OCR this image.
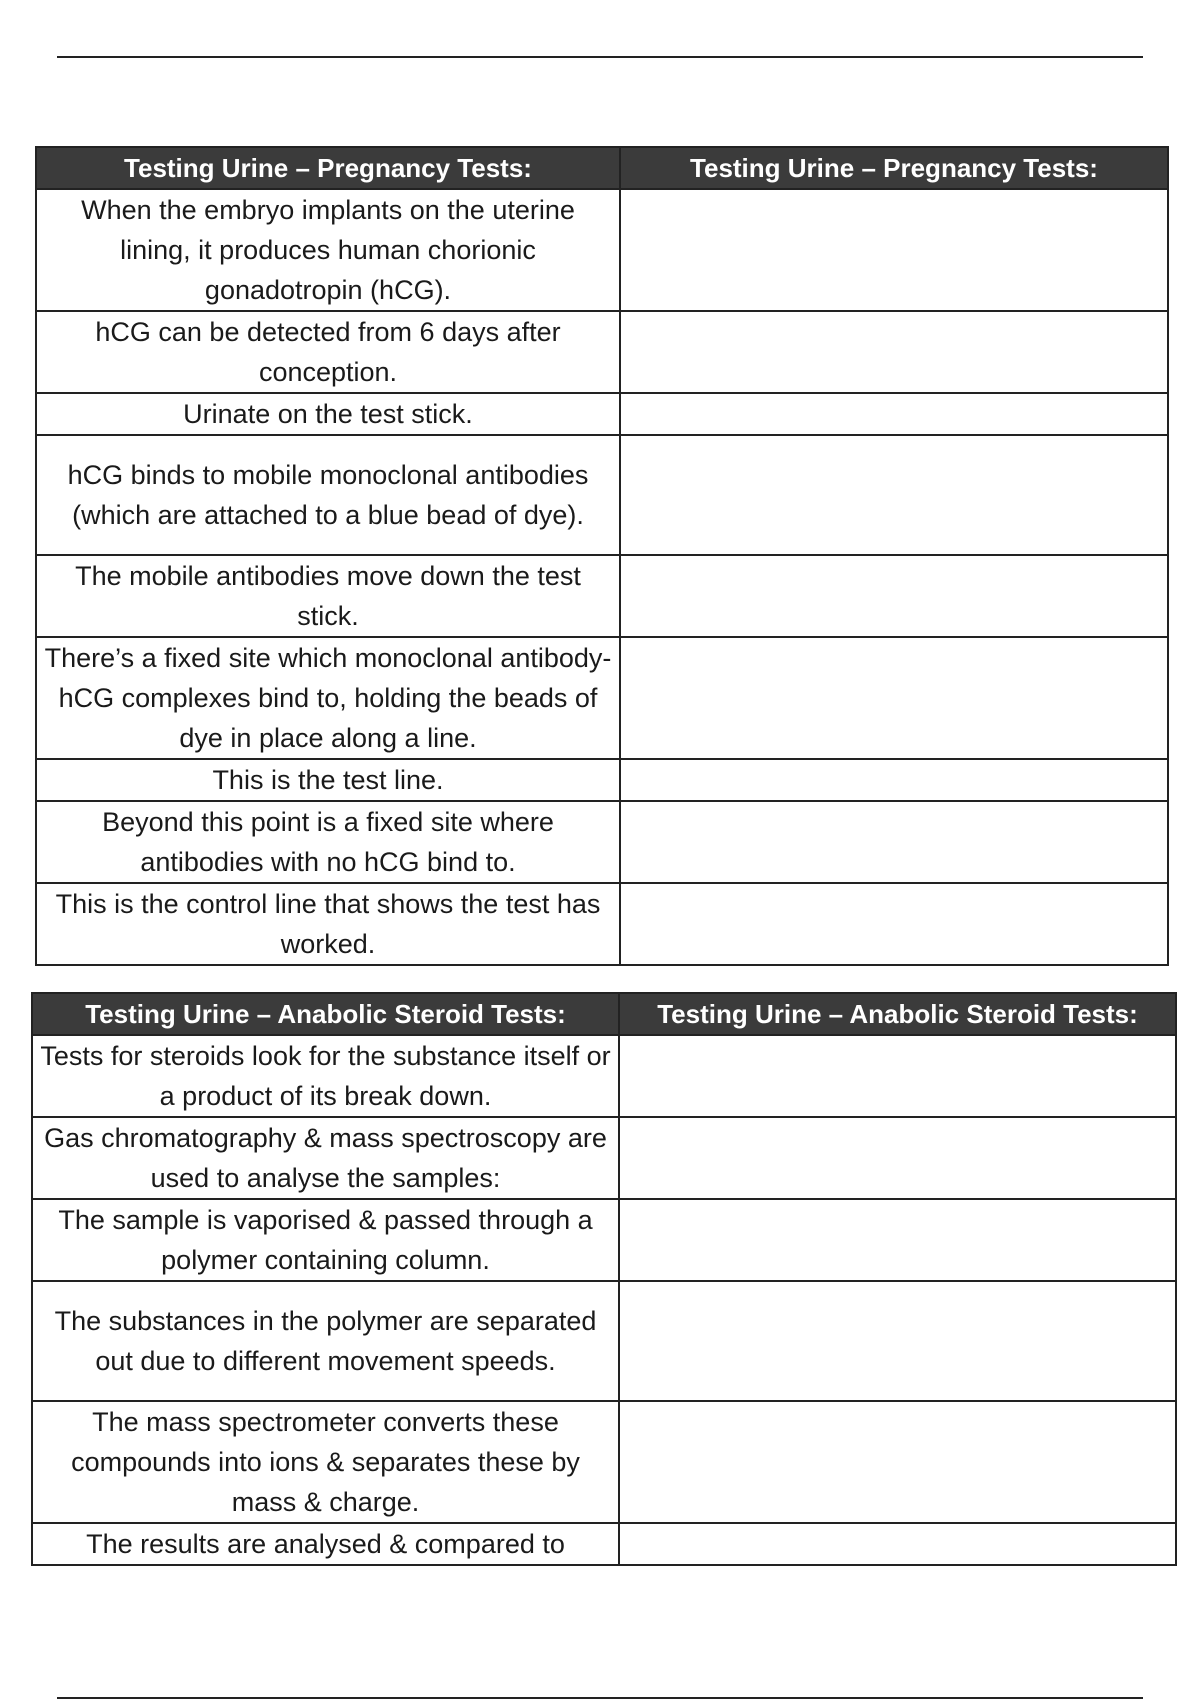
Testing Urine – Pregnancy Tests:	Testing Urine – Pregnancy Tests:
When the embryo implants on the uterine lining, it produces human chorionic gonadotropin (hCG).	
hCG can be detected from 6 days after conception.	
Urinate on the test stick.	
hCG binds to mobile monoclonal antibodies (which are attached to a blue bead of dye).	
The mobile antibodies move down the test stick.	
There’s a fixed site which monoclonal antibody-hCG complexes bind to, holding the beads of dye in place along a line.	
This is the test line.	
Beyond this point is a fixed site where antibodies with no hCG bind to.	
This is the control line that shows the test has worked.	
Testing Urine – Anabolic Steroid Tests:	Testing Urine – Anabolic Steroid Tests:
Tests for steroids look for the substance itself or a product of its break down.	
Gas chromatography & mass spectroscopy are used to analyse the samples:	
The sample is vaporised & passed through a polymer containing column.	
The substances in the polymer are separated out due to different movement speeds.	
The mass spectrometer converts these compounds into ions & separates these by mass & charge.	
The results are analysed & compared to	
